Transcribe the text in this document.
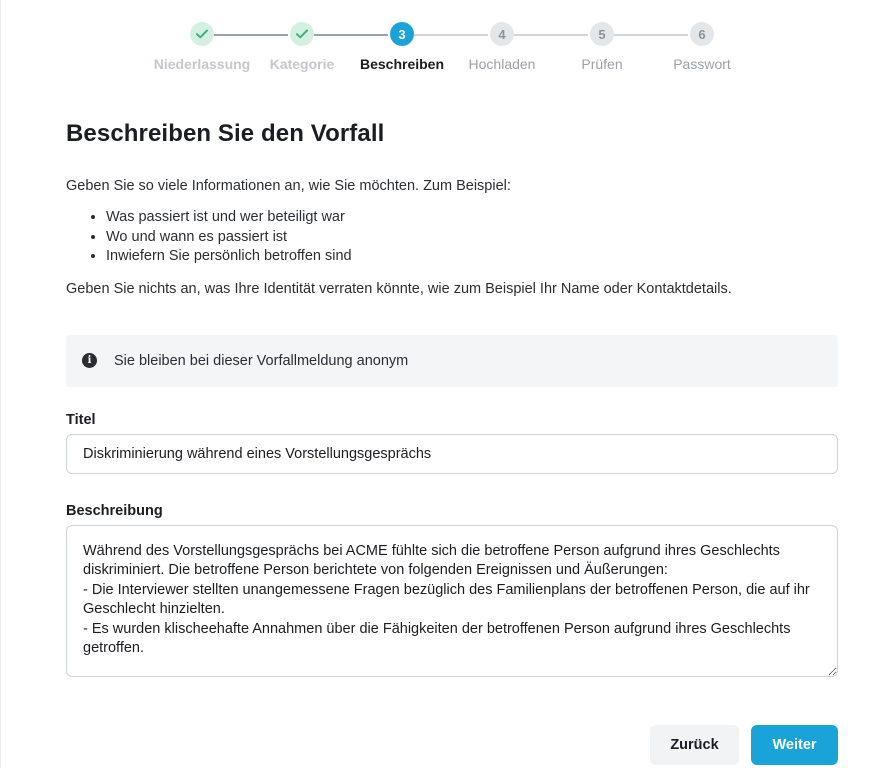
Niederlassung	Kategorie
3
Beschreiben
4
Hochladen
5
Prüfen
6
Passwort
Beschreiben Sie den Vorfall

Geben Sie so viele Informationen an, wie Sie möchten. Zum Beispiel:

• Was passiert ist und wer beteiligt war
• Wo und wann es passiert ist
• Inwiefern Sie persönlich betroffen sind

Geben Sie nichts an, was Ihre Identität verraten könnte, wie zum Beispiel Ihr Name oder Kontaktdetails.

i	Sie bleiben bei dieser Vorfallmeldung anonym
Titel
Diskriminierung während eines Vorstellungsgesprächs
Beschreibung
Während des Vorstellungsgesprächs bei ACME fühlte sich die betroffene Person aufgrund ihres Geschlechts diskriminiert. Die betroffene Person berichtete von folgenden Ereignissen und Äußerungen: - Die Interviewer stellten unangemessene Fragen bezüglich des Familienplans der betroffenen Person, die auf ihr Geschlecht hinzielten. - Es wurden klischeehafte Annahmen über die Fähigkeiten der betroffenen Person aufgrund ihres Geschlechts getroffen.
Zurück	Weiter
